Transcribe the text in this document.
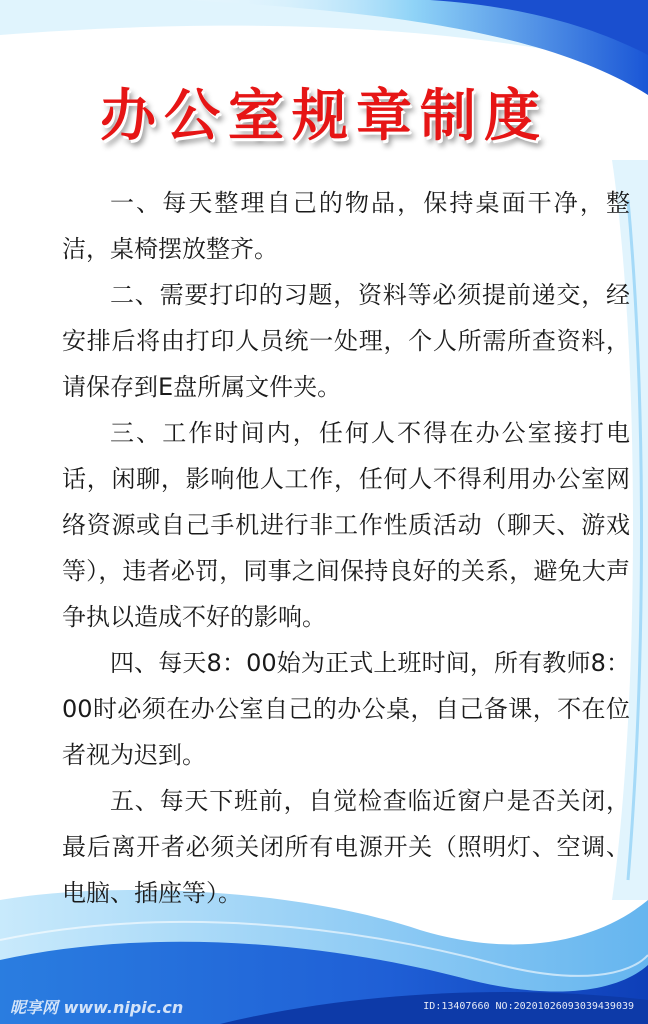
办公室规章制度

一、每天整理自己的物品，保持桌面干净，整洁，桌椅摆放整齐。

二、需要打印的习题，资料等必须提前递交，经安排后将由打印人员统一处理，个人所需所查资料，请保存到E盘所属文件夹。

三、工作时间内，任何人不得在办公室接打电话，闲聊，影响他人工作，任何人不得利用办公室网络资源或自己手机进行非工作性质活动（聊天、游戏等），违者必罚，同事之间保持良好的关系，避免大声争执以造成不好的影响。

四、每天8：00始为正式上班时间，所有教师8：00时必须在办公室自己的办公桌，自己备课，不在位者视为迟到。

五、每天下班前，自觉检查临近窗户是否关闭，最后离开者必须关闭所有电源开关（照明灯、空调、电脑、插座等）。

昵享网 www.nipic.cn	ID:13407660 NO:20201026093039439039
